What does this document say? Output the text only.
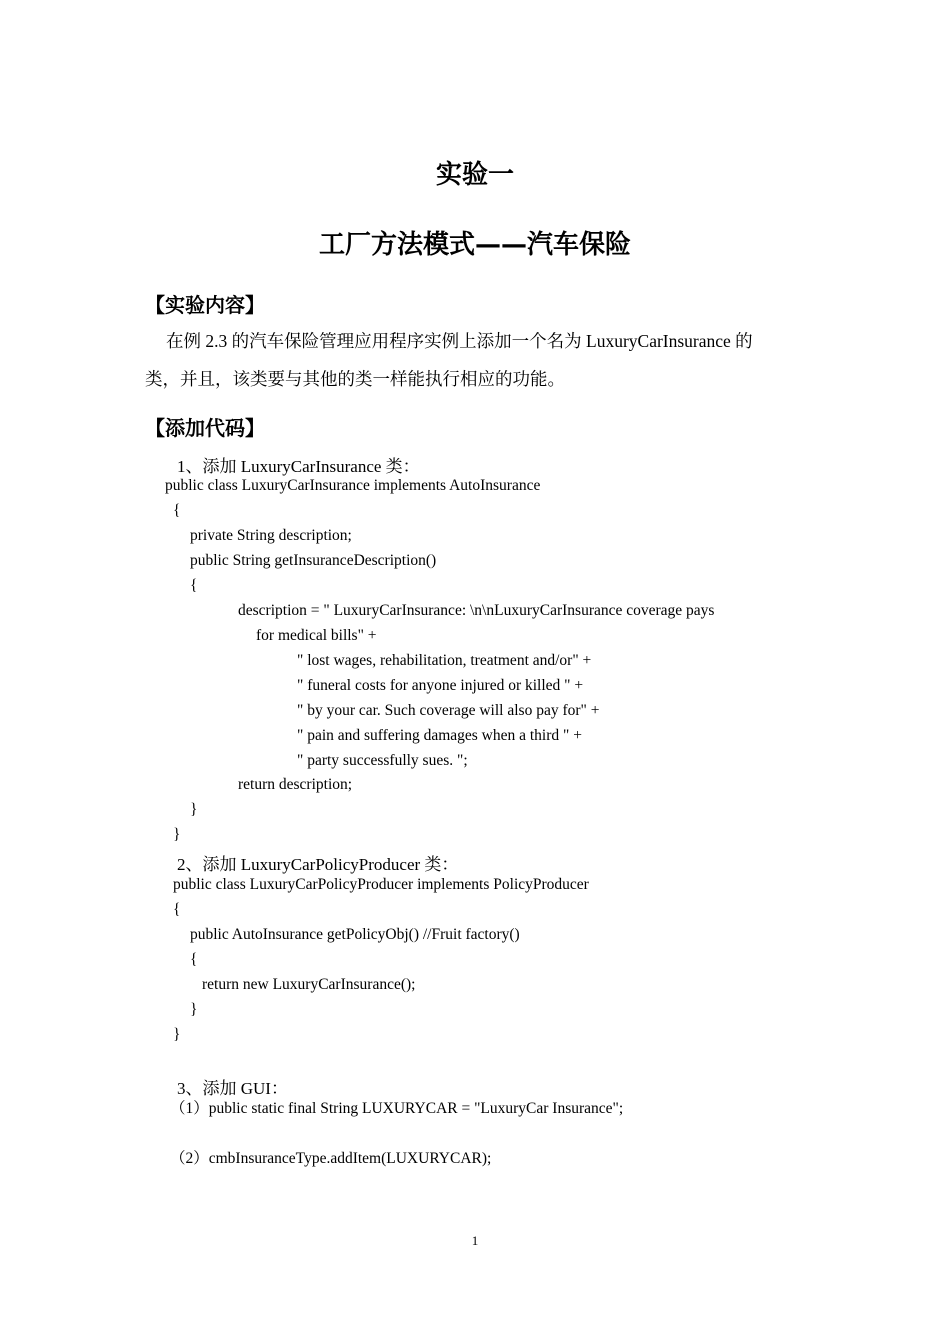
实验一
工厂方法模式——汽车保险
【实验内容】
在例 2.3 的汽车保险管理应用程序实例上添加一个名为 LuxuryCarInsurance 的
类，并且，该类要与其他的类一样能执行相应的功能。
【添加代码】
1、添加 LuxuryCarInsurance 类：
public class LuxuryCarInsurance implements AutoInsurance
{
private String description;
public String getInsuranceDescription()
{
description = " LuxuryCarInsurance: \n\nLuxuryCarInsurance coverage pays
for medical bills" +
" lost wages, rehabilitation, treatment and/or" +
" funeral costs for anyone injured or killed " +
" by your car. Such coverage will also pay for" +
" pain and suffering damages when a third " +
" party successfully sues. ";
return description;
}
}
2、添加 LuxuryCarPolicyProducer 类：
public class LuxuryCarPolicyProducer implements PolicyProducer
{
public AutoInsurance getPolicyObj() //Fruit factory()
{
return new LuxuryCarInsurance();
}
}
3、添加 GUI：
（1）public static final String LUXURYCAR = "LuxuryCar Insurance";
（2）cmbInsuranceType.addItem(LUXURYCAR);
1
